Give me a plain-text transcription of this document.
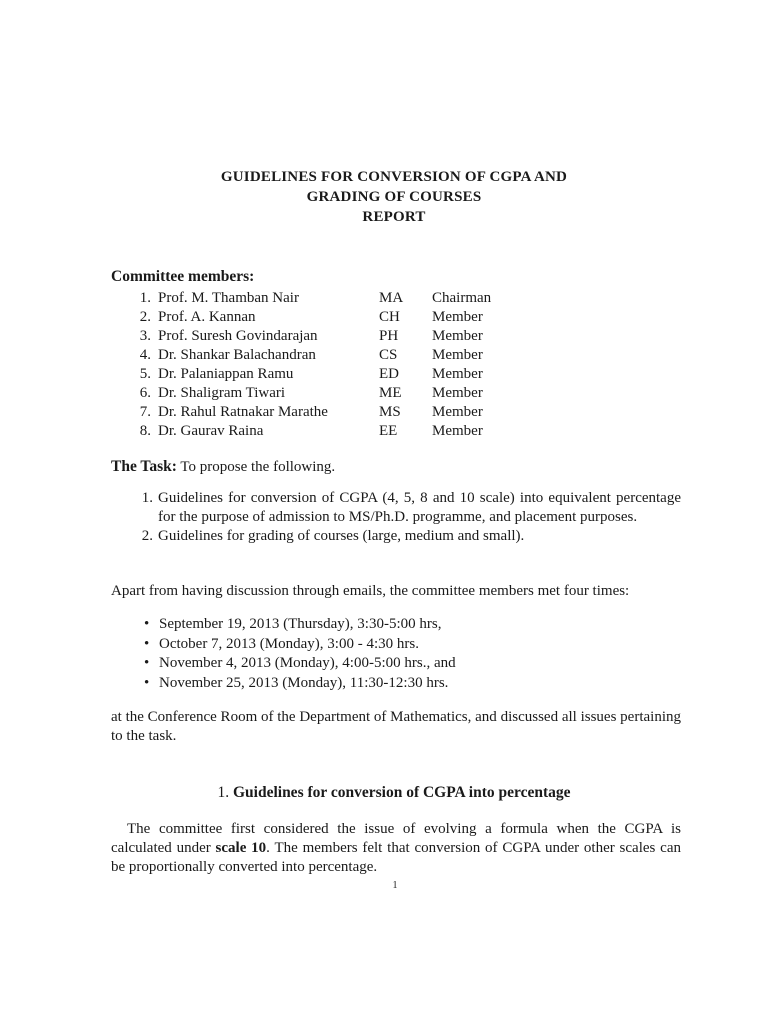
GUIDELINES FOR CONVERSION OF CGPA AND
GRADING OF COURSES
REPORT
Committee members:
1. Prof. M. Thamban Nair	MA Chairman
2. Prof. A. Kannan	CH Member
3. Prof. Suresh Govindarajan	PH Member
4. Dr. Shankar Balachandran	CS Member
5. Dr. Palaniappan Ramu	ED Member
6. Dr. Shaligram Tiwari	ME Member
7. Dr. Rahul Ratnakar Marathe	MS Member
8. Dr. Gaurav Raina	EE Member
The Task: To propose the following.
1. Guidelines for conversion of CGPA (4, 5, 8 and 10 scale) into equivalent percentage for the purpose of admission to MS/Ph.D. programme, and placement purposes.
2. Guidelines for grading of courses (large, medium and small).
Apart from having discussion through emails, the committee members met four times:
• September 19, 2013 (Thursday), 3:30-5:00 hrs,
• October 7, 2013 (Monday), 3:00 - 4:30 hrs.
• November 4, 2013 (Monday), 4:00-5:00 hrs., and
• November 25, 2013 (Monday), 11:30-12:30 hrs.
at the Conference Room of the Department of Mathematics, and discussed all issues pertaining to the task.
1. Guidelines for conversion of CGPA into percentage
The committee first considered the issue of evolving a formula when the CGPA is calculated under scale 10. The members felt that conversion of CGPA under other scales can be proportionally converted into percentage.
1
